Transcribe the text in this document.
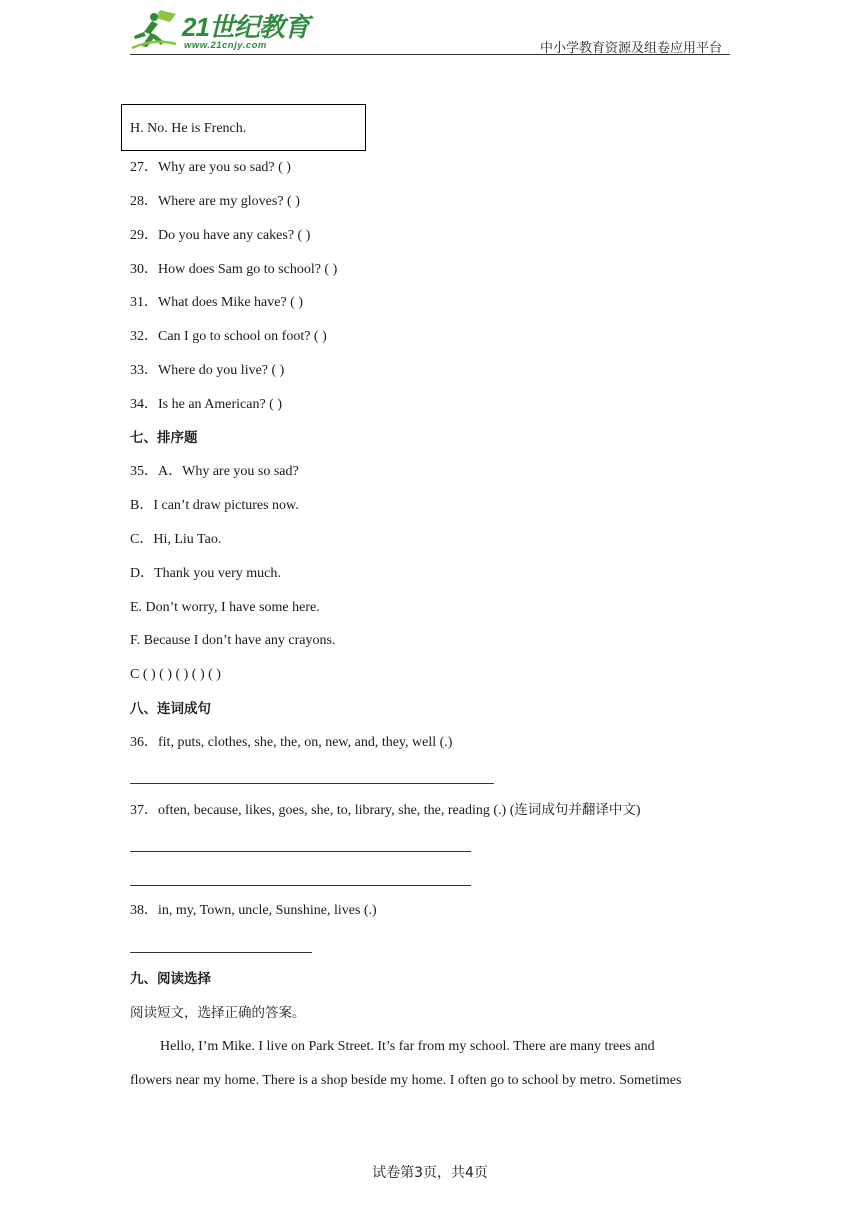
21世纪教育
www.21cnjy.com	中小学教育资源及组卷应用平台
H. No. He is French.
27．Why are you so sad? ( )
28．Where are my gloves? ( )
29．Do you have any cakes? ( )
30．How does Sam go to school? ( )
31．What does Mike have? ( )
32．Can I go to school on foot? ( )
33．Where do you live? ( )
34．Is he an American? ( )
七、排序题
35．A．Why are you so sad?
B．I can’t draw pictures now.
C．Hi, Liu Tao.
D．Thank you very much.
E. Don’t worry, I have some here.
F. Because I don’t have any crayons.
C ( ) ( ) ( ) ( ) ( )
八、连词成句
36．fit, puts, clothes, she, the, on, new, and, they, well (.)
37．often, because, likes, goes, she, to, library, she, the, reading (.) (连词成句并翻译中文)
38．in, my, Town, uncle, Sunshine, lives (.)
九、阅读选择
阅读短文，选择正确的答案。
Hello, I’m Mike. I live on Park Street. It’s far from my school. There are many trees and
flowers near my home. There is a shop beside my home. I often go to school by metro. Sometimes
试卷第3页，共4页
